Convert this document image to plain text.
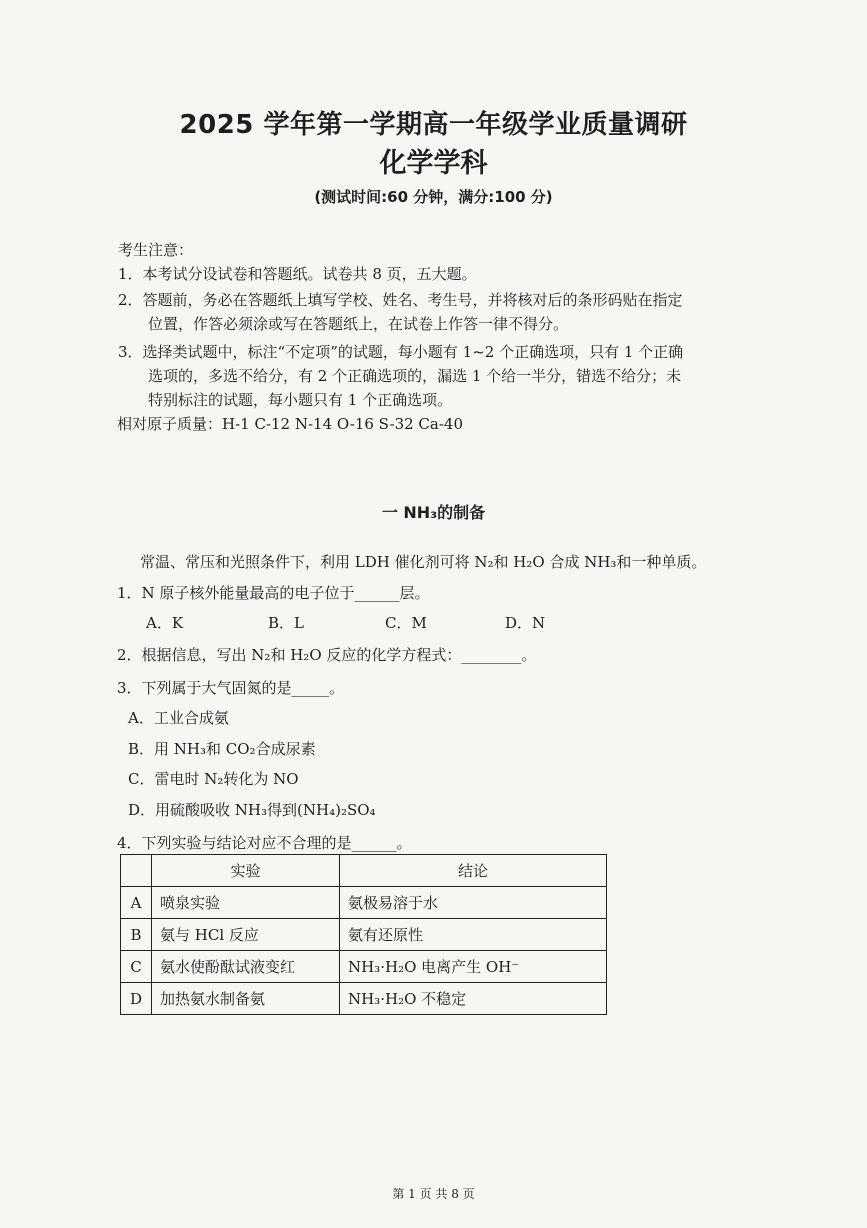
2025 学年第一学期高一年级学业质量调研
化学学科
(测试时间:60 分钟，满分:100 分)
考生注意：
1．本考试分设试卷和答题纸。试卷共 8 页，五大题。
2．答题前，务必在答题纸上填写学校、姓名、考生号，并将核对后的条形码贴在指定
位置，作答必须涂或写在答题纸上，在试卷上作答一律不得分。
3．选择类试题中，标注“不定项”的试题，每小题有 1~2 个正确选项，只有 1 个正确
选项的，多选不给分，有 2 个正确选项的，漏选 1 个给一半分，错选不给分；未
特别标注的试题，每小题只有 1 个正确选项。
相对原子质量：H-1 C-12 N-14 O-16 S-32 Ca-40
一 NH₃的制备
常温、常压和光照条件下，利用 LDH 催化剂可将 N₂和 H₂O 合成 NH₃和一种单质。
1．N 原子核外能量最高的电子位于______层。
A．K	B．L	C．M	D．N
2．根据信息，写出 N₂和 H₂O 反应的化学方程式：________。
3．下列属于大气固氮的是_____。
A．工业合成氨
B．用 NH₃和 CO₂合成尿素
C．雷电时 N₂转化为 NO
D．用硫酸吸收 NH₃得到(NH₄)₂SO₄
4．下列实验与结论对应不合理的是______。
	实验	结论
A	喷泉实验	氨极易溶于水
B	氨与 HCl 反应	氨有还原性
C	氨水使酚酞试液变红	NH₃·H₂O 电离产生 OH⁻
D	加热氨水制备氨	NH₃·H₂O 不稳定
第 1 页 共 8 页
